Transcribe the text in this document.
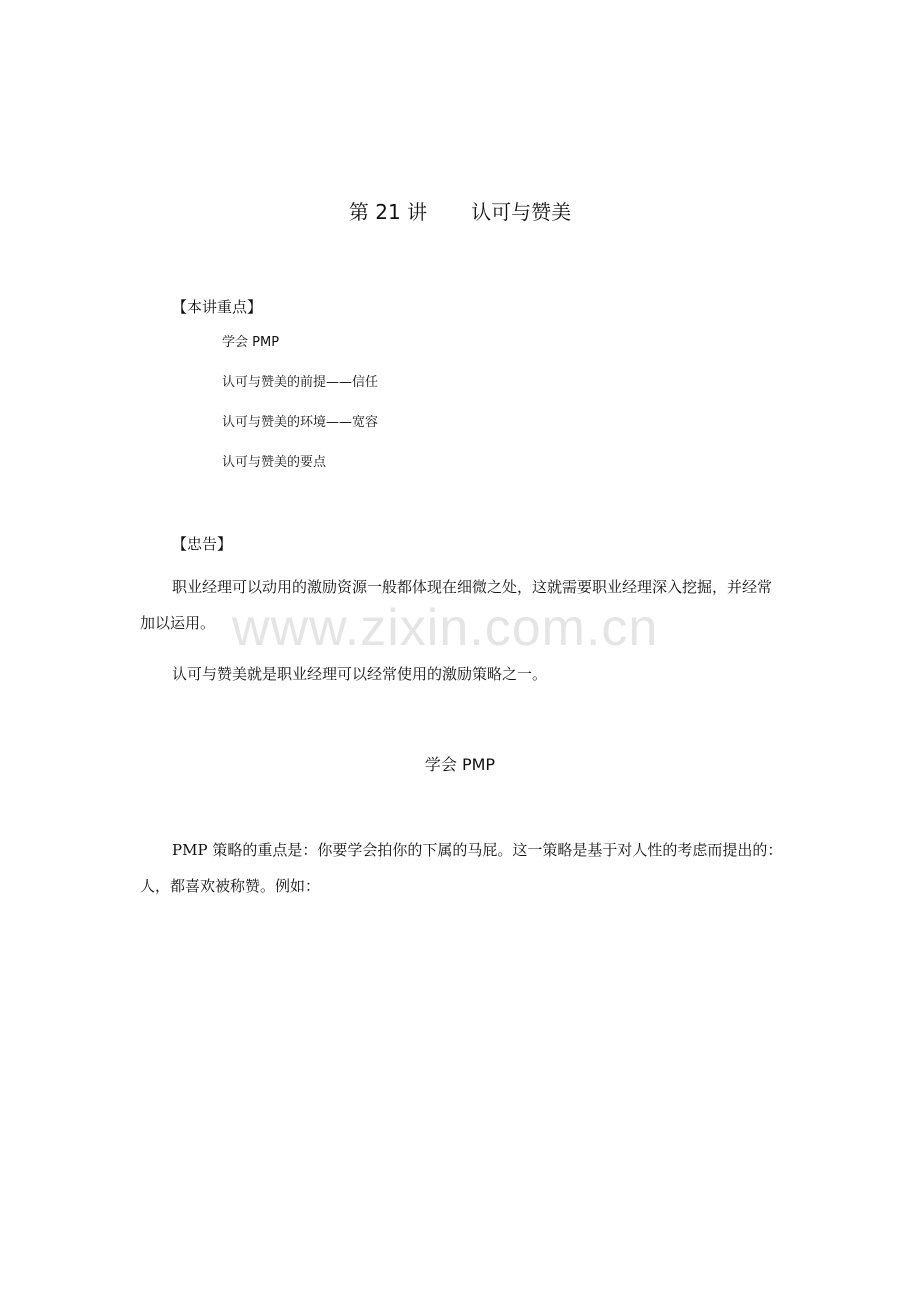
第 21 讲 认可与赞美
【本讲重点】
学会 PMP
认可与赞美的前提——信任
认可与赞美的环境——宽容
认可与赞美的要点
【忠告】

职业经理可以动用的激励资源一般都体现在细微之处，这就需要职业经理深入挖掘，并经常加以运用。

认可与赞美就是职业经理可以经常使用的激励策略之一。

学会 PMP

PMP 策略的重点是：你要学会拍你的下属的马屁。这一策略是基于对人性的考虑而提出的：人，都喜欢被称赞。例如：

www.zixin.com.cn
